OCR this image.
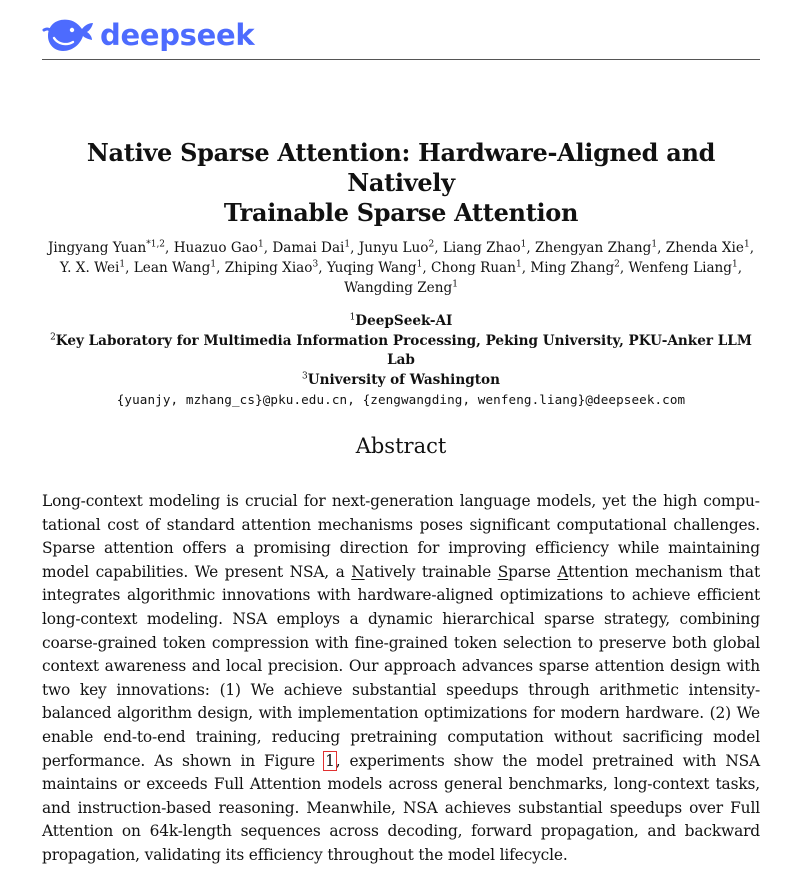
deepseek
Native Sparse Attention: Hardware-Aligned and Natively
Trainable Sparse Attention
Jingyang Yuan$^{*1,2}$, Huazuo Gao$^1$, Damai Dai$^1$, Junyu Luo$^2$, Liang Zhao$^1$, Zhengyan Zhang$^1$, Zhenda Xie$^1$,
Y. X. Wei$^1$, Lean Wang$^1$, Zhiping Xiao$^3$, Yuqing Wang$^1$, Chong Ruan$^1$, Ming Zhang$^2$, Wenfeng Liang$^1$,
Wangding Zeng$^1$
$^1$DeepSeek-AI
$^2$Key Laboratory for Multimedia Information Processing, Peking University, PKU-Anker LLM Lab
$^3$University of Washington
{yuanjy, mzhang_cs}@pku.edu.cn, {zengwangding, wenfeng.liang}@deepseek.com
Abstract
Long-context modeling is crucial for next-generation language models, yet the high computational cost of standard attention mechanisms poses significant computational challenges. Sparse attention offers a promising direction for improving efficiency while maintaining model capabilities. We present NSA, a Natively trainable Sparse Attention mechanism that integrates algorithmic innovations with hardware-aligned optimizations to achieve efficient long-context modeling. NSA employs a dynamic hierarchical sparse strategy, combining coarse-grained token compression with fine-grained token selection to preserve both global context awareness and local precision. Our approach advances sparse attention design with two key innovations: (1) We achieve substantial speedups through arithmetic intensity-balanced algorithm design, with implementation optimizations for modern hardware. (2) We enable end-to-end training, reducing pretraining computation without sacrificing model performance. As shown in Figure 1, experiments show the model pretrained with NSA maintains or exceeds Full Attention models across general benchmarks, long-context tasks, and instruction-based reasoning. Meanwhile, NSA achieves substantial speedups over Full Attention on 64k-length sequences across decoding, forward propagation, and backward propagation, validating its efficiency throughout the model lifecycle.
